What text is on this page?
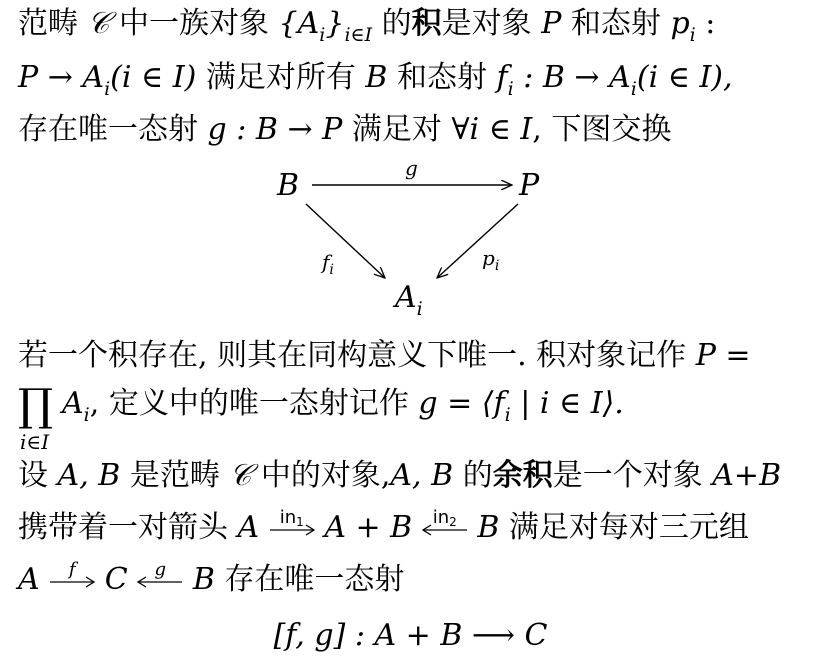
范畴 𝒞 中一族对象 $\{A_i\}_{i\in I}$ 的积是对象 P 和态射 $p_i$ :
$P \to A_i(i$ ∈ I) 满足对所有 B 和态射 $f_i$ : $B \to A_i(i$ ∈ I),
存在唯一态射 g : B → P 满足对 ∀i ∈ I, 下图交换
B	P
$A_i$
g
$f_i$	$p_i$
若一个积存在, 则其在同构意义下唯一. 积对象记作 P =
∏
i∈I
$A_i$, 定义中的唯一态射记作 $g = ⟨f_i$ | i ∈ I⟩.
设 A, B 是范畴 𝒞 中的对象,A, B 的余积是一个对象 A+B
携带着一对箭头 A	in1 A + B	in2 B 满足对每对三元组
A	f C	g B 存在唯一态射
[f, g] : A + B ⟶ C
